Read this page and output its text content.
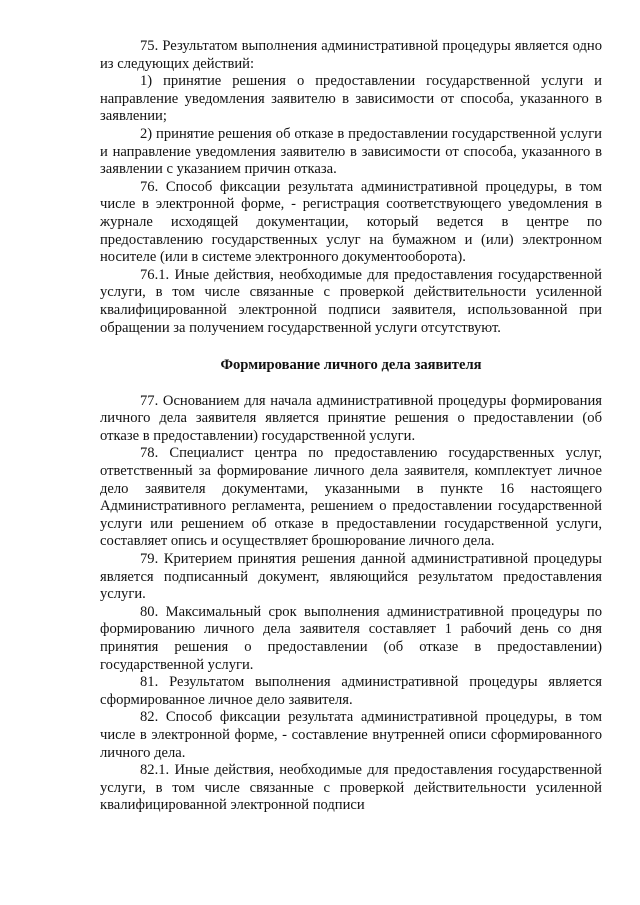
75. Результатом выполнения административной процедуры является одно из следующих действий:

1) принятие решения о предоставлении государственной услуги и направление уведомления заявителю в зависимости от способа, указанного в заявлении;

2) принятие решения об отказе в предоставлении государственной услуги и направление уведомления заявителю в зависимости от способа, указанного в заявлении с указанием причин отказа.

76. Способ фиксации результата административной процедуры, в том числе в электронной форме, - регистрация соответствующего уведомления в журнале исходящей документации, который ведется в центре по предоставлению государственных услуг на бумажном и (или) электронном носителе (или в системе электронного документооборота).

76.1. Иные действия, необходимые для предоставления государственной услуги, в том числе связанные с проверкой действительности усиленной квалифицированной электронной подписи заявителя, использованной при обращении за получением государственной услуги отсутствуют.

Формирование личного дела заявителя

77. Основанием для начала административной процедуры формирования личного дела заявителя является принятие решения о предоставлении (об отказе в предоставлении) государственной услуги.

78. Специалист центра по предоставлению государственных услуг, ответственный за формирование личного дела заявителя, комплектует личное дело заявителя документами, указанными в пункте 16 настоящего Административного регламента, решением о предоставлении государственной услуги или решением об отказе в предоставлении государственной услуги, составляет опись и осуществляет брошюрование личного дела.

79. Критерием принятия решения данной административной процедуры является подписанный документ, являющийся результатом предоставления услуги.

80. Максимальный срок выполнения административной процедуры по формированию личного дела заявителя составляет 1 рабочий день со дня принятия решения о предоставлении (об отказе в предоставлении) государственной услуги.

81. Результатом выполнения административной процедуры является сформированное личное дело заявителя.

82. Способ фиксации результата административной процедуры, в том числе в электронной форме, - составление внутренней описи сформированного личного дела.

82.1. Иные действия, необходимые для предоставления государственной услуги, в том числе связанные с проверкой действительности усиленной квалифицированной электронной подписи
